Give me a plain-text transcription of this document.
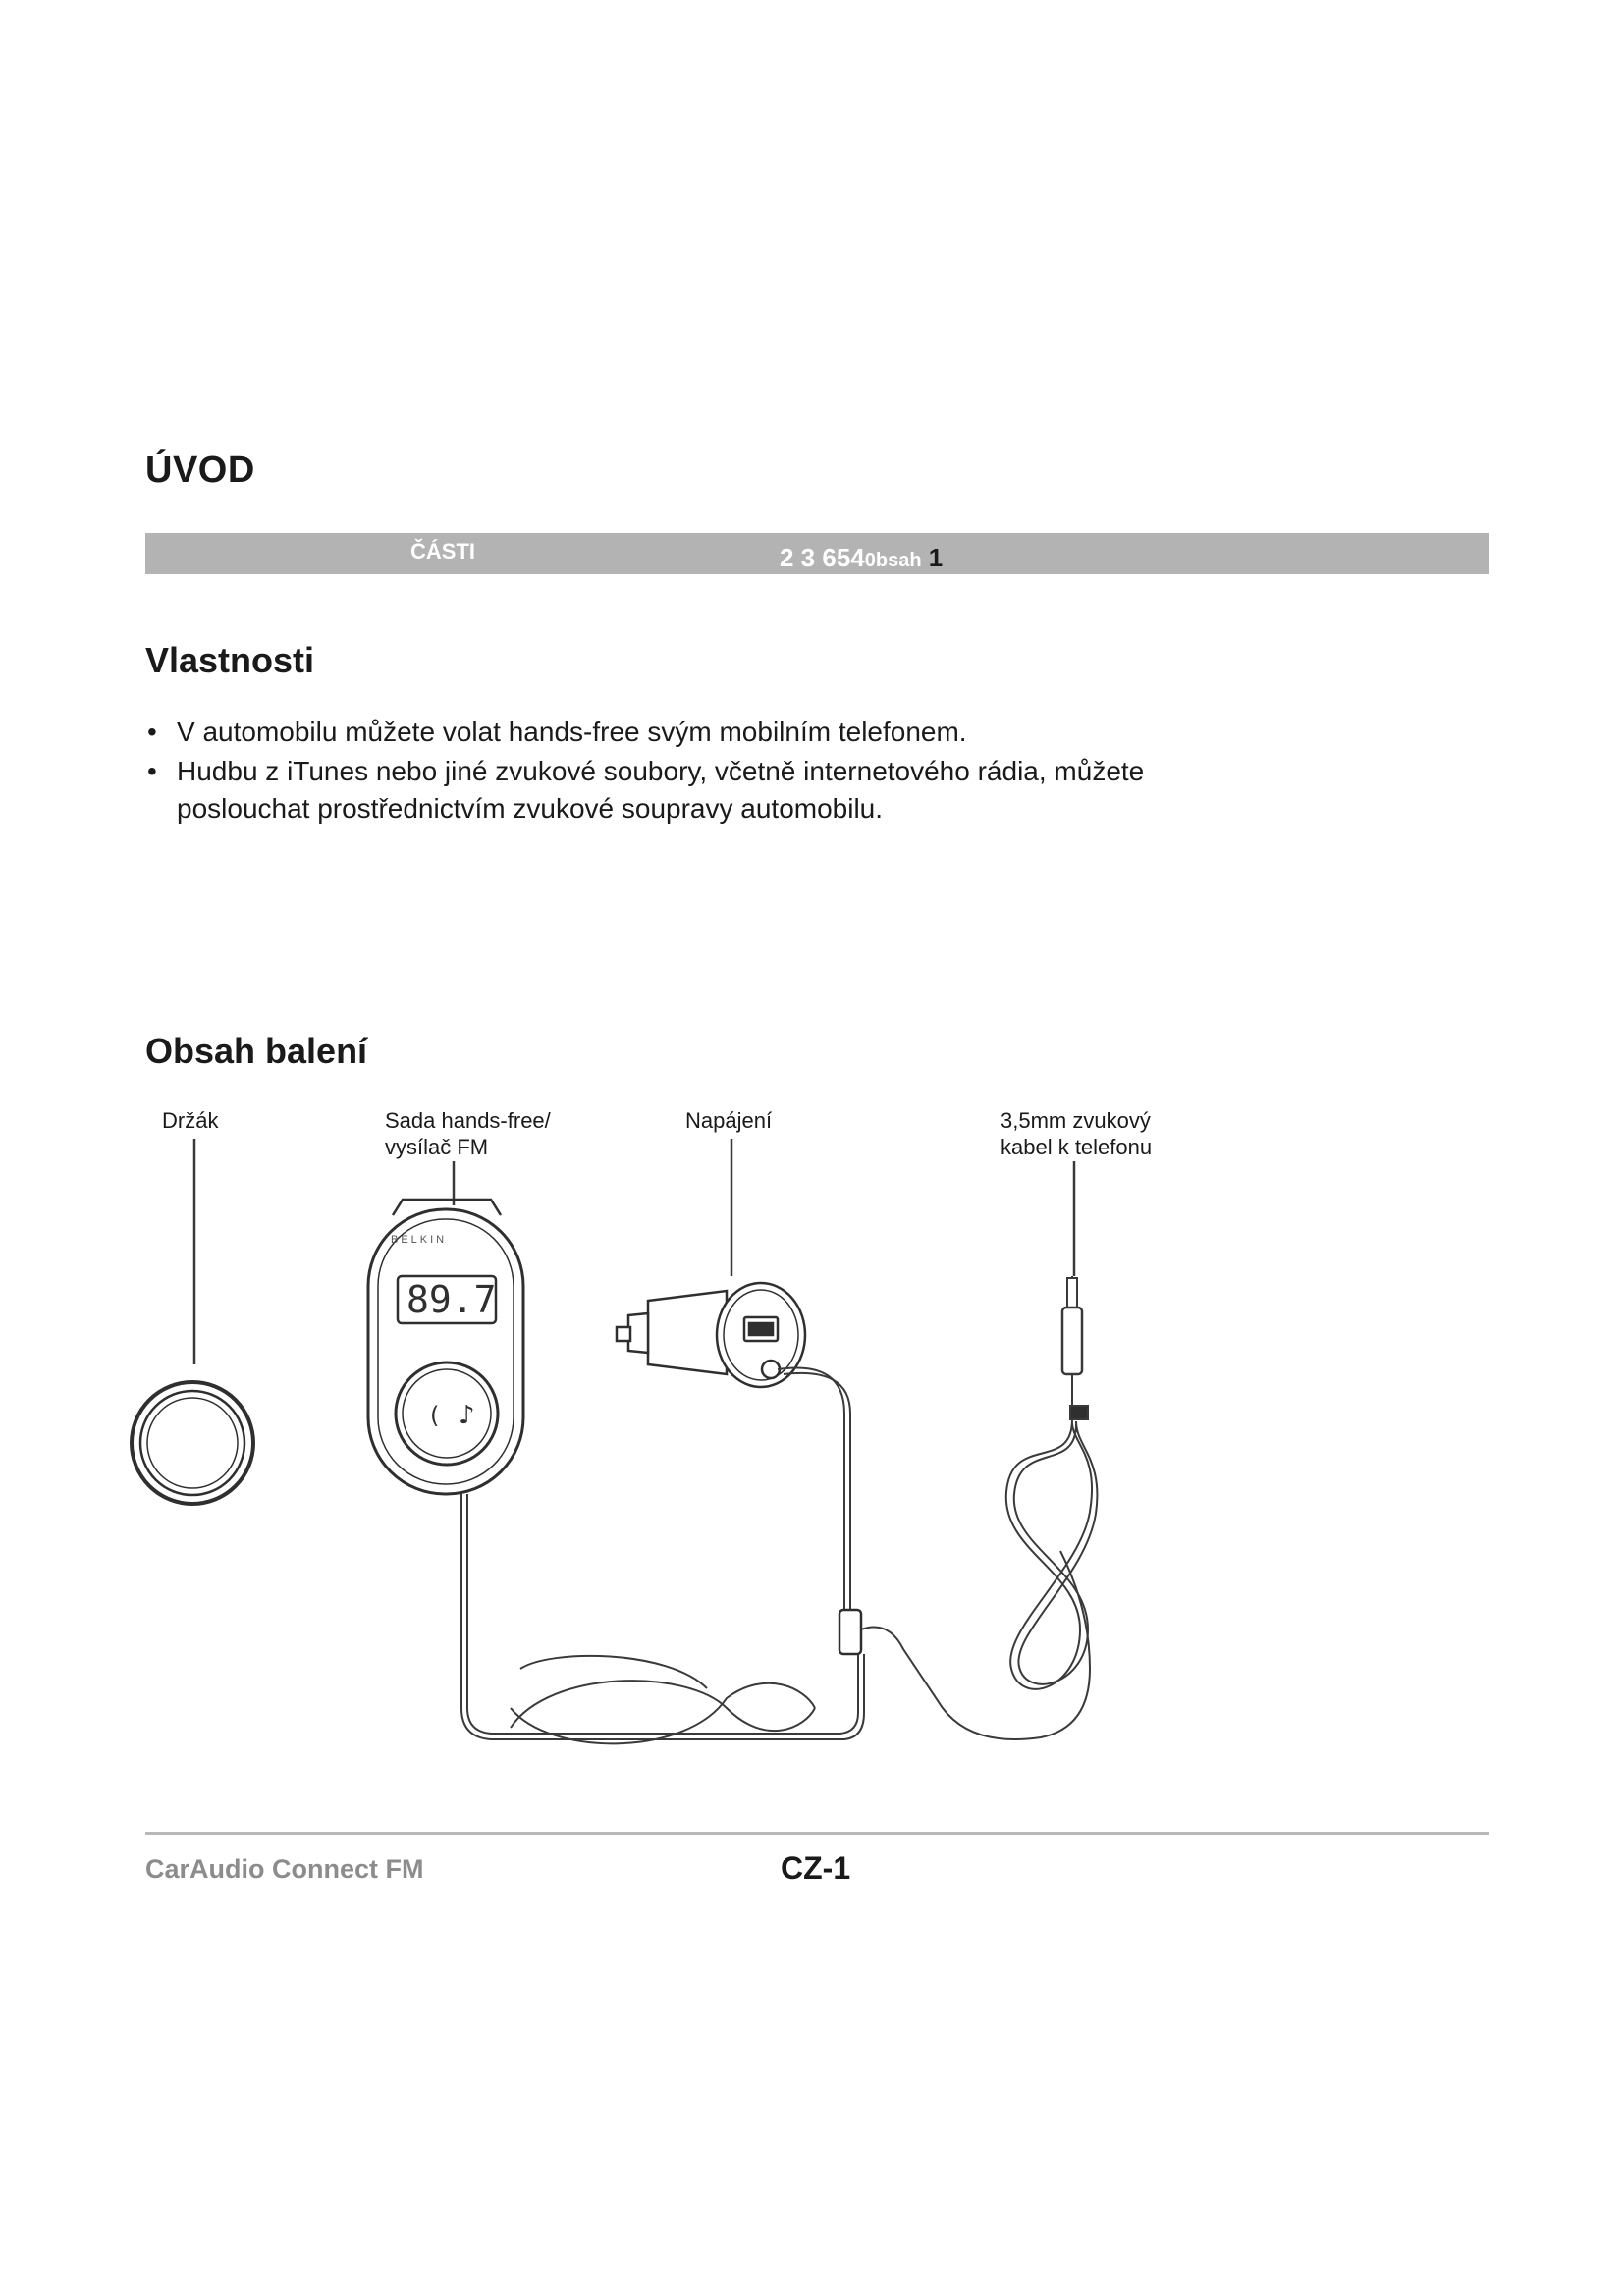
ÚVOD
ČÁSTI	2 3 6540bsah 1
Vlastnosti
• V automobilu můžete volat hands-free svým mobilním telefonem.
• Hudbu z iTunes nebo jiné zvukové soubory, včetně internetového rádia, můžete poslouchat prostřednictvím zvukové soupravy automobilu.
Obsah balení
Držák	Sada hands-free/
vysílač FM
Napájení	3,5mm zvukový
kabel k telefonu
♪
(
BELKIN
89.7
CarAudio Connect FM	CZ-1
